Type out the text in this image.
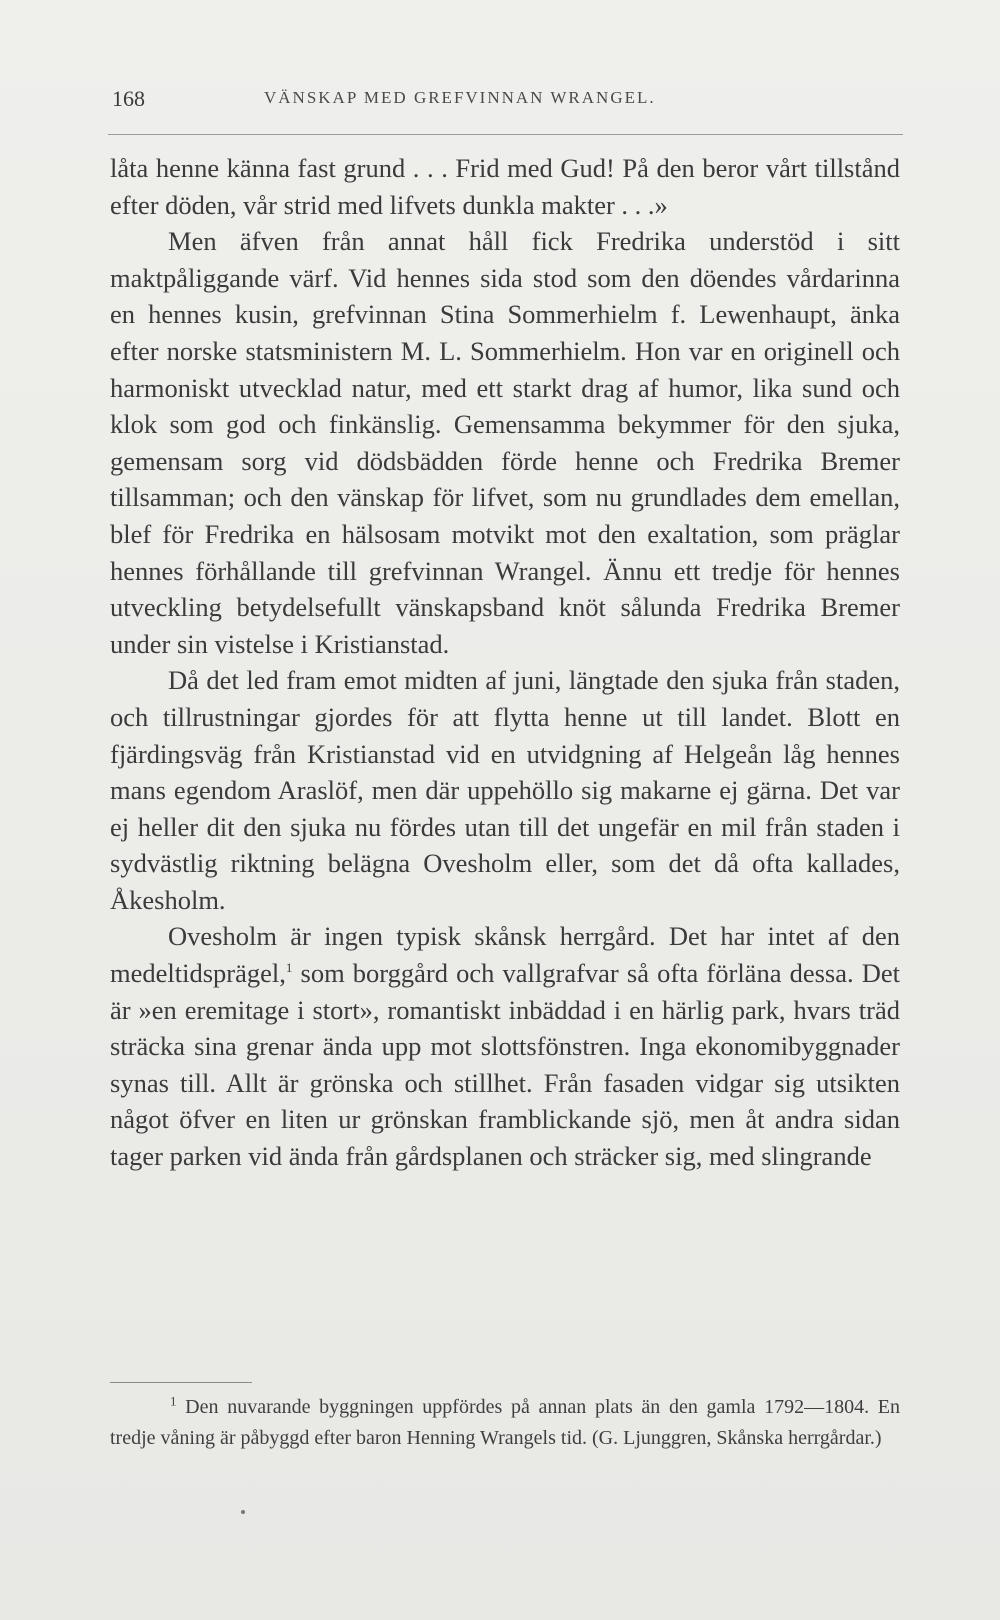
168	VÄNSKAP MED GREFVINNAN WRANGEL.

låta henne känna fast grund . . . Frid med Gud! På den beror vårt tillstånd efter döden, vår strid med lifvets dunkla makter . . .»

Men äfven från annat håll fick Fredrika understöd i sitt maktpåliggande värf. Vid hennes sida stod som den döendes vårdarinna en hennes kusin, grefvinnan Stina Sommerhielm f. Lewenhaupt, änka efter norske statsministern M. L. Sommerhielm. Hon var en originell och harmoniskt utvecklad natur, med ett starkt drag af humor, lika sund och klok som god och finkänslig. Gemensamma bekymmer för den sjuka, gemensam sorg vid dödsbädden förde henne och Fredrika Bremer tillsamman; och den vänskap för lifvet, som nu grundlades dem emellan, blef för Fredrika en hälsosam motvikt mot den exaltation, som präglar hennes förhållande till grefvinnan Wrangel. Ännu ett tredje för hennes utveckling betydelsefullt vänskapsband knöt sålunda Fredrika Bremer under sin vistelse i Kristianstad.

Då det led fram emot midten af juni, längtade den sjuka från staden, och tillrustningar gjordes för att flytta henne ut till landet. Blott en fjärdingsväg från Kristianstad vid en utvidgning af Helgeån låg hennes mans egendom Araslöf, men där uppehöllo sig makarne ej gärna. Det var ej heller dit den sjuka nu fördes utan till det ungefär en mil från staden i sydvästlig riktning belägna Ovesholm eller, som det då ofta kallades, Åkesholm.

Ovesholm är ingen typisk skånsk herrgård. Det har intet af den medeltidsprägel,$^1$ som borggård och vallgrafvar så ofta förläna dessa. Det är »en eremitage i stort», romantiskt inbäddad i en härlig park, hvars träd sträcka sina grenar ända upp mot slottsfönstren. Inga ekonomibyggnader synas till. Allt är grönska och stillhet. Från fasaden vidgar sig utsikten något öfver en liten ur grönskan framblickande sjö, men åt andra sidan tager parken vid ända från gårdsplanen och sträcker sig, med slingrande

$^1$ Den nuvarande byggningen uppfördes på annan plats än den gamla 1792—1804. En tredje våning är påbyggd efter baron Henning Wrangels tid. (G. Ljunggren, Skånska herrgårdar.)
